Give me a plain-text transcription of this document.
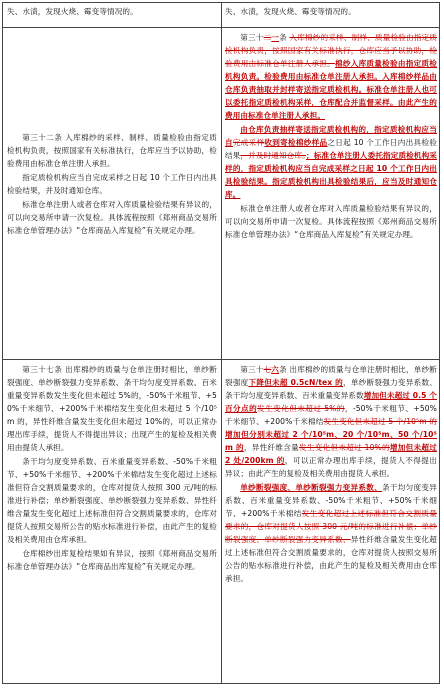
失、水渍，发现火烧、霉变等情况的。	失、水渍，发现火烧、霉变等情况的。

第三十二条 入库棉纱的采样、制样、质量检验由指定质检机构负责，按照国家有关标准执行，仓库应当予以协助，检验费用由标准仓单注册人承担。

指定质检机构应当自完成采样之日起 10 个工作日内出具检验结果，并及时通知仓库。

标准仓单注册人或者仓库对入库质量检验结果有异议的，可以向交易所申请一次复检。具体流程按照《郑州商品交易所标准仓单管理办法》“仓库商品入库复检”有关规定办理。

第三十二一条 入库棉纱的采样、制样、质量检验由指定质检机构负责，按照国家有关标准执行，仓库应当予以协助，检验费用由标准仓单注册人承担。棉纱入库质量检验由指定质检机构负责。检验费用由标准仓单注册人承担。入库棉纱样品由仓库负责抽取并封样寄送指定质检机构。标准仓单注册人也可以委托指定质检机构采样，仓库配合并监督采样。由此产生的费用由标准仓单注册人承担。

由仓库负责抽样寄送指定质检机构的，指定质检机构应当自完成采样收到寄检棉纱样品之日起 10 个工作日内出具检验结果，并及时通知仓库。；标准仓单注册人委托指定质检机构采样的，指定质检机构应当自完成采样之日起 10 个工作日内出具检验结果。指定质检机构出具检验结果后，应当及时通知仓库。

标准仓单注册人或者仓库对入库质量检验结果有异议的，可以向交易所申请一次复检。具体流程按照《郑州商品交易所标准仓单管理办法》“仓库商品入库复检”有关规定办理。

第三十七条 出库棉纱的质量与仓单注册时相比，单纱断裂强度、单纱断裂强力变异系数、条干均匀度变异系数、百米重量变异系数发生变化但未超过 5%的，-50%千米粗节、+50%千米细节、+200%千米棉结发生变化但未超过 5 个/10⁵m 的，异性纤维含量发生变化但未超过 10%的，可以正常办理出库手续，提货人不得提出异议；出现产生的复检及相关费用由提货人承担。

条干均匀度变异系数、百米重量变异系数、-50%千米粗节、+50%千米细节、+200%千米棉结发生变化超过上述标准但符合交割质量要求的，仓库对提货人按照 300 元/吨的标准进行补偿；单纱断裂强度、单纱断裂强力变异系数、异性纤维含量发生变化超过上述标准但符合交割质量要求的，仓库对提货人按照交易所公告的贴水标准进行补偿，由此产生的复检及相关费用由仓库承担。

仓库棉纱出库复检结果如有异议，按照《郑州商品交易所标准仓单管理办法》“仓库商品出库复检”有关规定办理。

第三十七六条 出库棉纱的质量与仓单注册时相比，单纱断裂强度下降但未超 0.5cN/tex 的，单纱断裂强力变异系数、条干均匀度变异系数、百米重量变异系数增加但未超过 0.5 个百分点的发生变化但未超过 5%的，-50%千米粗节、+50%千米细节、+200%千米棉结发生变化但未超过 5 个/10⁵m 的增加但分别未超过 2 个/10⁵m、20 个/10⁵m、50 个/10⁵m 的，异性纤维含量发生变化但未超过 10%的增加但未超过 2 处/200km 的，可以正常办理出库手续，提货人不得提出异议；由此产生的复检及相关费用由提货人承担。

单纱断裂强度、单纱断裂强力变异系数、条干均匀度变异系数、百米重量变异系数、-50%千米粗节、+50%千米细节、+200%千米棉结发生变化超过上述标准但符合交割质量要求的，仓库对提货人按照 300 元/吨的标准进行补偿；单纱断裂强度、单纱断裂强力变异系数、异性纤维含量发生变化超过上述标准但符合交割质量要求的，仓库对提货人按照交易所公告的贴水标准进行补偿，由此产生的复检及相关费用由仓库承担。
